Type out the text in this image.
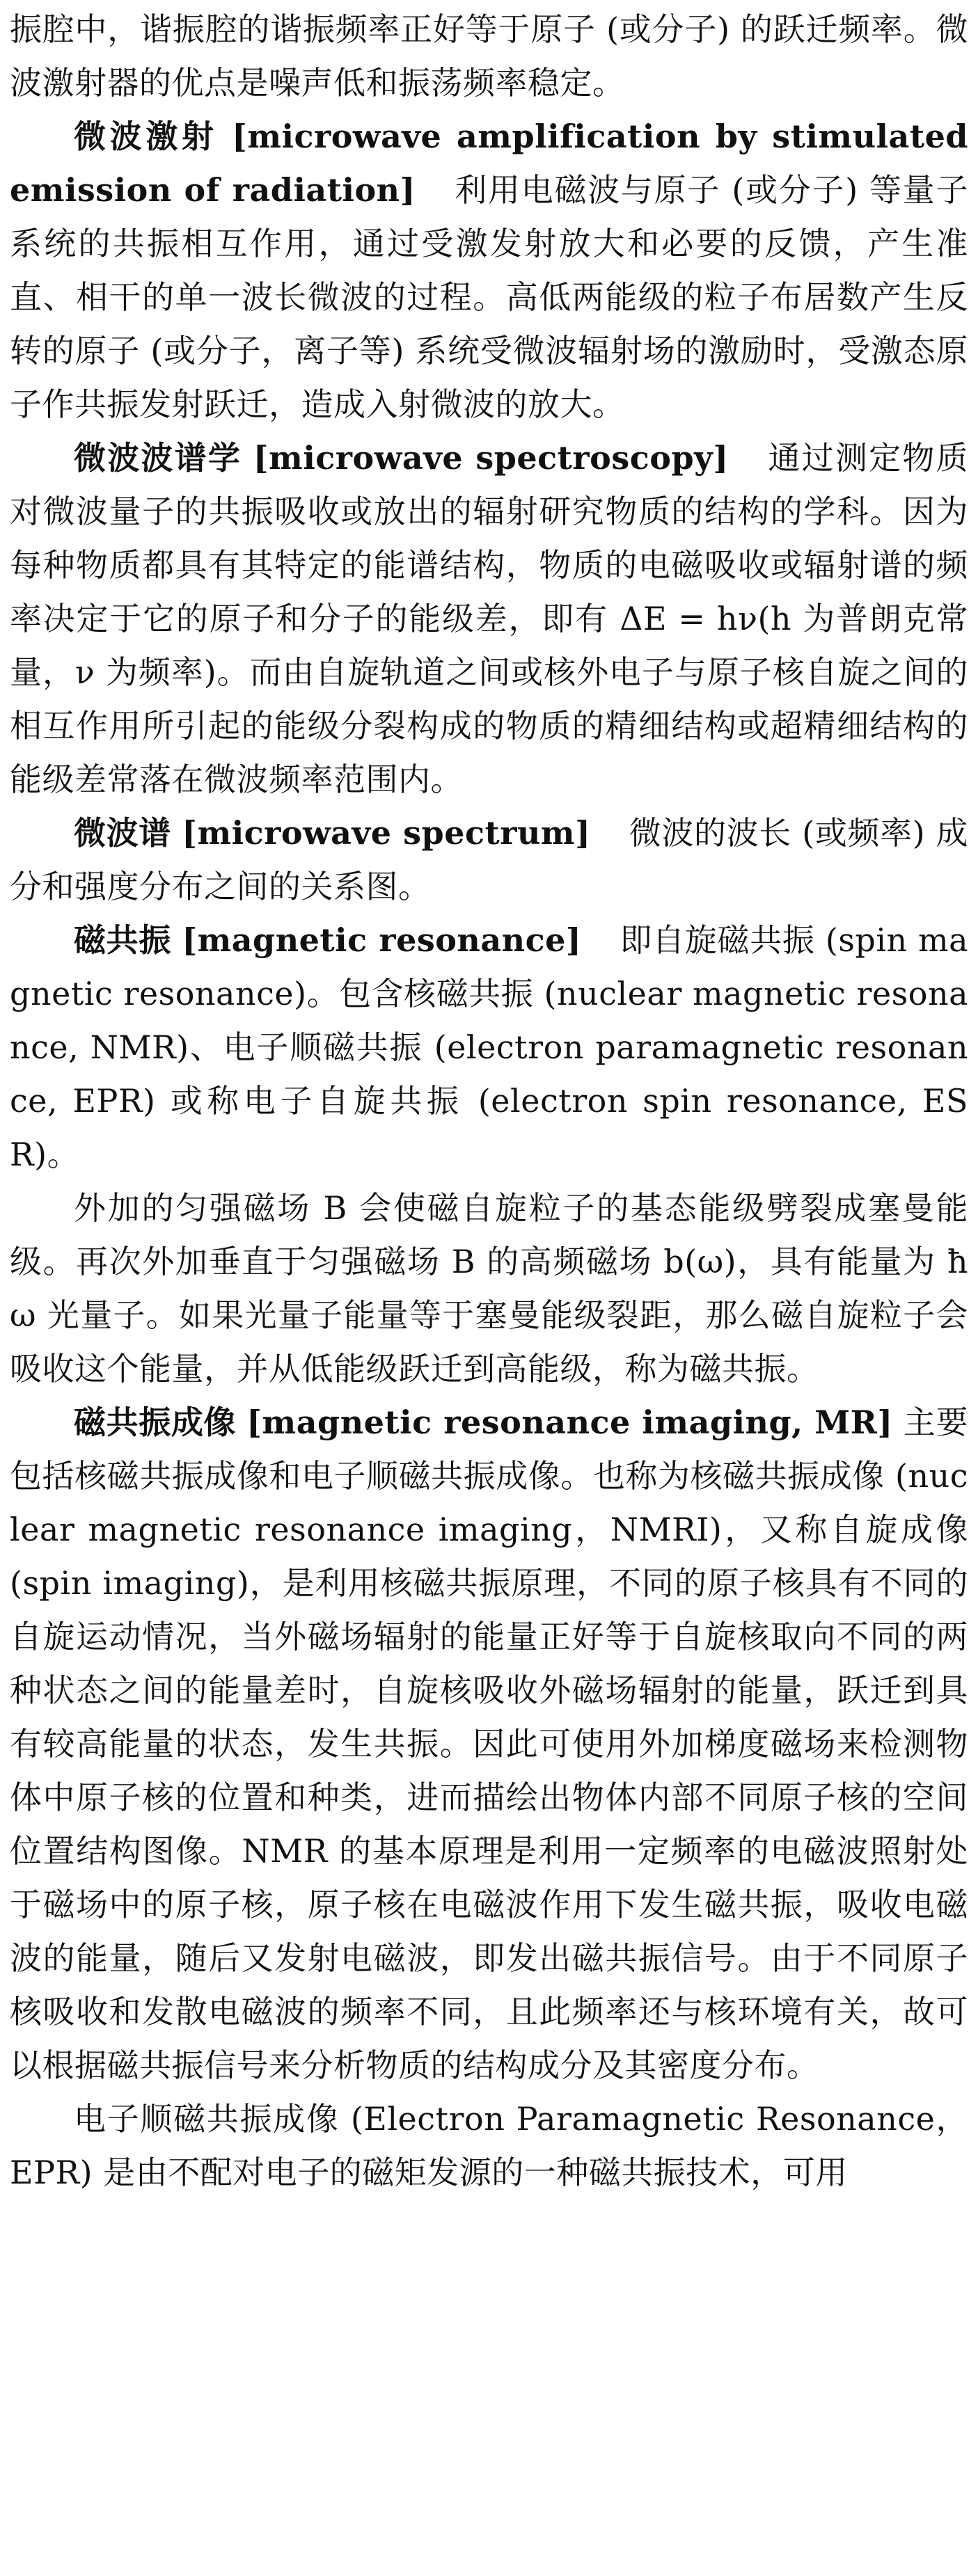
振腔中，谐振腔的谐振频率正好等于原子 (或分子) 的跃迁频率。微波激射器的优点是噪声低和振荡频率稳定。

微波激射 [microwave amplification by stimulated emission of radiation] 利用电磁波与原子 (或分子) 等量子系统的共振相互作用，通过受激发射放大和必要的反馈，产生准直、相干的单一波长微波的过程。高低两能级的粒子布居数产生反转的原子 (或分子，离子等) 系统受微波辐射场的激励时，受激态原子作共振发射跃迁，造成入射微波的放大。

微波波谱学 [microwave spectroscopy] 通过测定物质对微波量子的共振吸收或放出的辐射研究物质的结构的学科。因为每种物质都具有其特定的能谱结构，物质的电磁吸收或辐射谱的频率决定于它的原子和分子的能级差，即有 ΔE = hν(h 为普朗克常量，ν 为频率)。而由自旋轨道之间或核外电子与原子核自旋之间的相互作用所引起的能级分裂构成的物质的精细结构或超精细结构的能级差常落在微波频率范围内。

微波谱 [microwave spectrum] 微波的波长 (或频率) 成分和强度分布之间的关系图。

磁共振 [magnetic resonance] 即自旋磁共振 (spin magnetic resonance)。包含核磁共振 (nuclear magnetic resonance, NMR)、电子顺磁共振 (electron paramagnetic resonance, EPR) 或称电子自旋共振 (electron spin resonance, ESR)。

外加的匀强磁场 B 会使磁自旋粒子的基态能级劈裂成塞曼能级。再次外加垂直于匀强磁场 B 的高频磁场 b(ω)，具有能量为 ħω 光量子。如果光量子能量等于塞曼能级裂距，那么磁自旋粒子会吸收这个能量，并从低能级跃迁到高能级，称为磁共振。

磁共振成像 [magnetic resonance imaging, MR] 主要包括核磁共振成像和电子顺磁共振成像。也称为核磁共振成像 (nuclear magnetic resonance imaging，NMRI)，又称自旋成像 (spin imaging)，是利用核磁共振原理，不同的原子核具有不同的自旋运动情况，当外磁场辐射的能量正好等于自旋核取向不同的两种状态之间的能量差时，自旋核吸收外磁场辐射的能量，跃迁到具有较高能量的状态，发生共振。因此可使用外加梯度磁场来检测物体中原子核的位置和种类，进而描绘出物体内部不同原子核的空间位置结构图像。NMR 的基本原理是利用一定频率的电磁波照射处于磁场中的原子核，原子核在电磁波作用下发生磁共振，吸收电磁波的能量，随后又发射电磁波，即发出磁共振信号。由于不同原子核吸收和发散电磁波的频率不同，且此频率还与核环境有关，故可以根据磁共振信号来分析物质的结构成分及其密度分布。

电子顺磁共振成像 (Electron Paramagnetic Resonance，EPR) 是由不配对电子的磁矩发源的一种磁共振技术，可用
